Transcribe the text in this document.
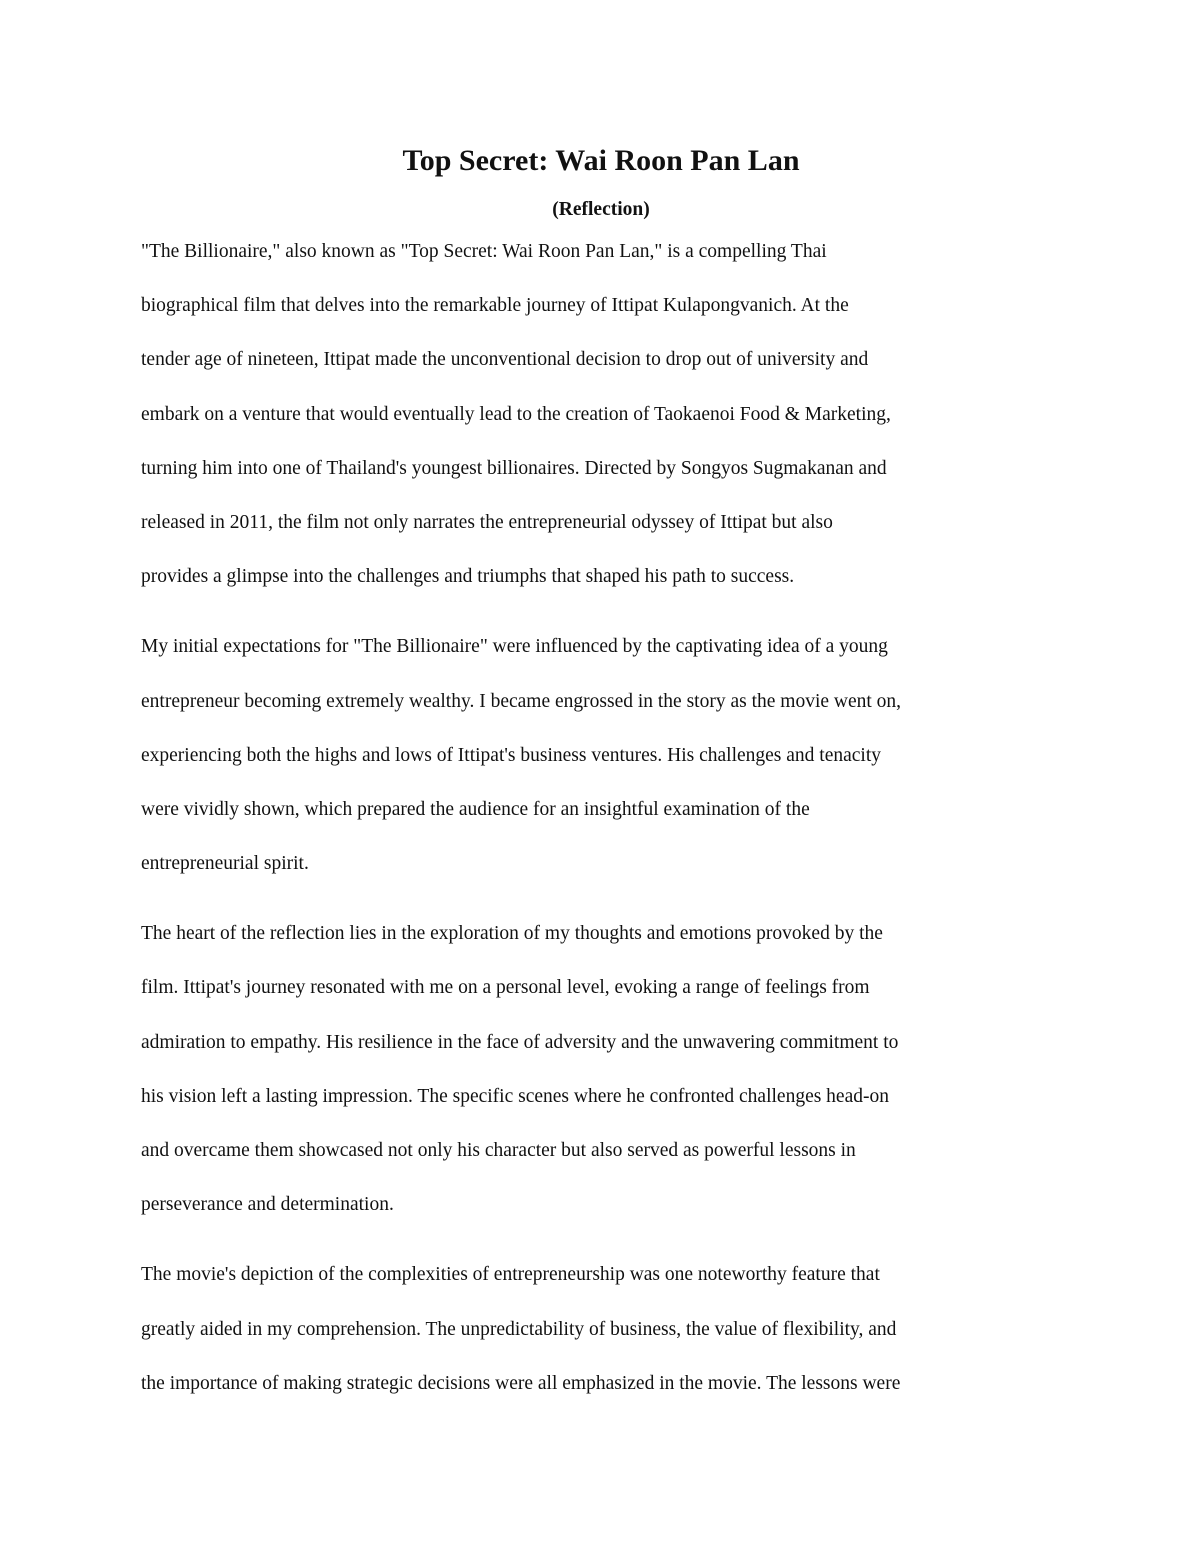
Top Secret: Wai Roon Pan Lan
(Reflection)

"The Billionaire," also known as "Top Secret: Wai Roon Pan Lan," is a compelling Thai
biographical film that delves into the remarkable journey of Ittipat Kulapongvanich. At the
tender age of nineteen, Ittipat made the unconventional decision to drop out of university and
embark on a venture that would eventually lead to the creation of Taokaenoi Food & Marketing,
turning him into one of Thailand's youngest billionaires. Directed by Songyos Sugmakanan and
released in 2011, the film not only narrates the entrepreneurial odyssey of Ittipat but also
provides a glimpse into the challenges and triumphs that shaped his path to success.

My initial expectations for "The Billionaire" were influenced by the captivating idea of a young
entrepreneur becoming extremely wealthy. I became engrossed in the story as the movie went on,
experiencing both the highs and lows of Ittipat's business ventures. His challenges and tenacity
were vividly shown, which prepared the audience for an insightful examination of the
entrepreneurial spirit.

The heart of the reflection lies in the exploration of my thoughts and emotions provoked by the
film. Ittipat's journey resonated with me on a personal level, evoking a range of feelings from
admiration to empathy. His resilience in the face of adversity and the unwavering commitment to
his vision left a lasting impression. The specific scenes where he confronted challenges head-on
and overcame them showcased not only his character but also served as powerful lessons in
perseverance and determination.

The movie's depiction of the complexities of entrepreneurship was one noteworthy feature that
greatly aided in my comprehension. The unpredictability of business, the value of flexibility, and
the importance of making strategic decisions were all emphasized in the movie. The lessons were
